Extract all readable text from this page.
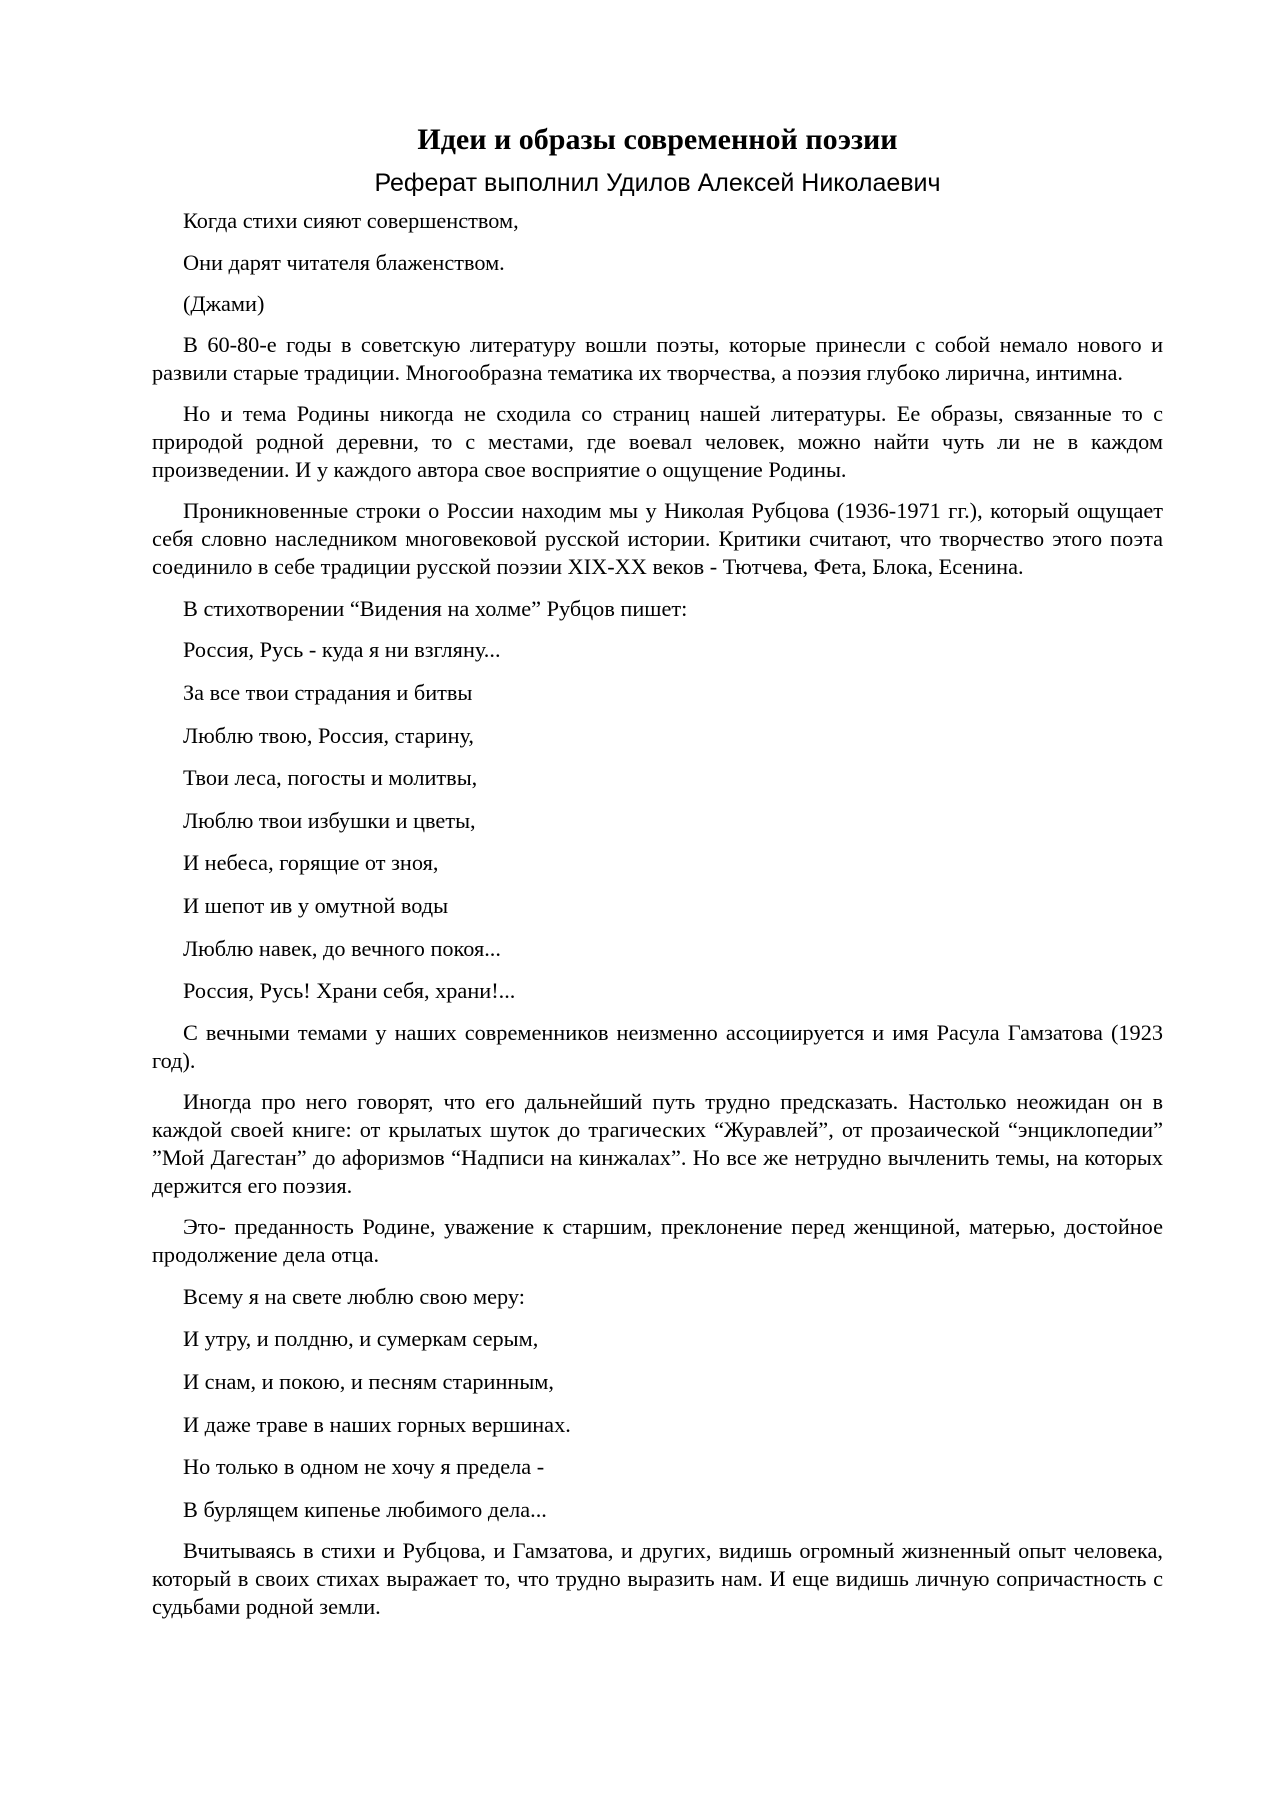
Идеи и образы современной поэзии
Реферат выполнил Удилов Алексей Николаевич

Когда стихи сияют совершенством,

Они дарят читателя блаженством.

(Джами)

В 60-80-е годы в советскую литературу вошли поэты, которые принесли с собой немало нового и развили старые традиции. Многообразна тематика их творчества, а поэзия глубоко лирична, интимна.

Но и тема Родины никогда не сходила со страниц нашей литературы. Ее образы, связанные то с природой родной деревни, то с местами, где воевал человек, можно найти чуть ли не в каждом произведении. И у каждого автора свое восприятие о ощущение Родины.

Проникновенные строки о России находим мы у Николая Рубцова (1936-1971 гг.), который ощущает себя словно наследником многовековой русской истории. Критики считают, что творчество этого поэта соединило в себе традиции русской поэзии XIX-XX веков - Тютчева, Фета, Блока, Есенина.

В стихотворении “Видения на холме” Рубцов пишет:

Россия, Русь - куда я ни взгляну...

За все твои страдания и битвы

Люблю твою, Россия, старину,

Твои леса, погосты и молитвы,

Люблю твои избушки и цветы,

И небеса, горящие от зноя,

И шепот ив у омутной воды

Люблю навек, до вечного покоя...

Россия, Русь! Храни себя, храни!...

С вечными темами у наших современников неизменно ассоциируется и имя Расула Гамзатова (1923 год).

Иногда про него говорят, что его дальнейший путь трудно предсказать. Настолько неожидан он в каждой своей книге: от крылатых шуток до трагических “Журавлей”, от прозаической “энциклопедии” ”Мой Дагестан” до афоризмов “Надписи на кинжалах”. Но все же нетрудно вычленить темы, на которых держится его поэзия.

Это- преданность Родине, уважение к старшим, преклонение перед женщиной, матерью, достойное продолжение дела отца.

Всему я на свете люблю свою меру:

И утру, и полдню, и сумеркам серым,

И снам, и покою, и песням старинным,

И даже траве в наших горных вершинах.

Но только в одном не хочу я предела -

В бурлящем кипенье любимого дела...

Вчитываясь в стихи и Рубцова, и Гамзатова, и других, видишь огромный жизненный опыт человека, который в своих стихах выражает то, что трудно выразить нам. И еще видишь личную сопричастность с судьбами родной земли.
